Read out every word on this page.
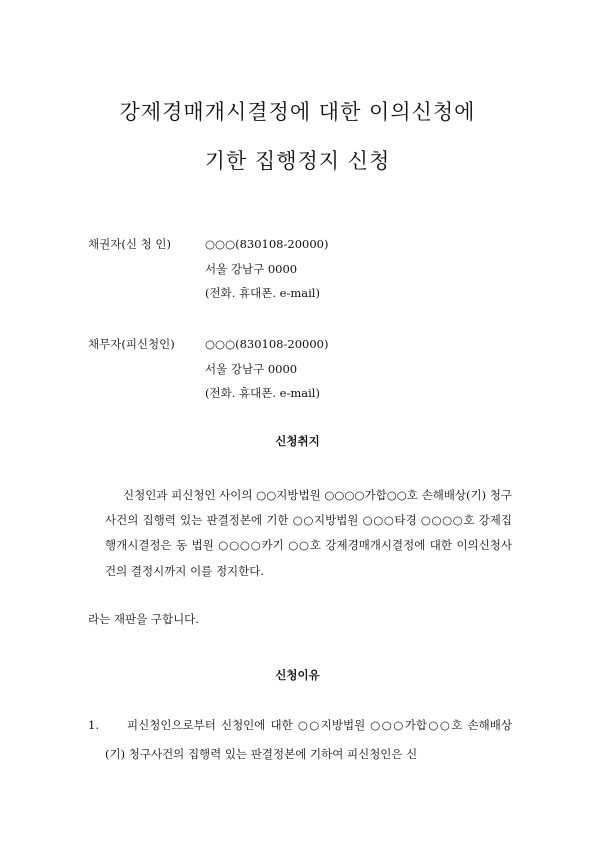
강제경매개시결정에 대한 이의신청에
기한 집행정지 신청
채권자(신 청 인)	○○○(830108-20000)
서울 강남구 0000
(전화. 휴대폰. e-mail)
채무자(피신청인)	○○○(830108-20000)
서울 강남구 0000
(전화. 휴대폰. e-mail)
신청취지
신청인과 피신청인 사이의 ○○지방법원 ○○○○가합○○호 손해배상(기) 청구사건의 집행력 있는 판결정본에 기한 ○○지방법원 ○○○타경 ○○○○호 강제집행개시결정은 동 법원 ○○○○카기 ○○호 강제경매개시결정에 대한 이의신청사건의 결정시까지 이를 정지한다.
라는 재판을 구합니다.
신청이유
1.	피신청인으로부터 신청인에 대한 ○○지방법원 ○○○가합○○호 손해배상(기) 청구사건의 집행력 있는 판결정본에 기하여 피신청인은 신
